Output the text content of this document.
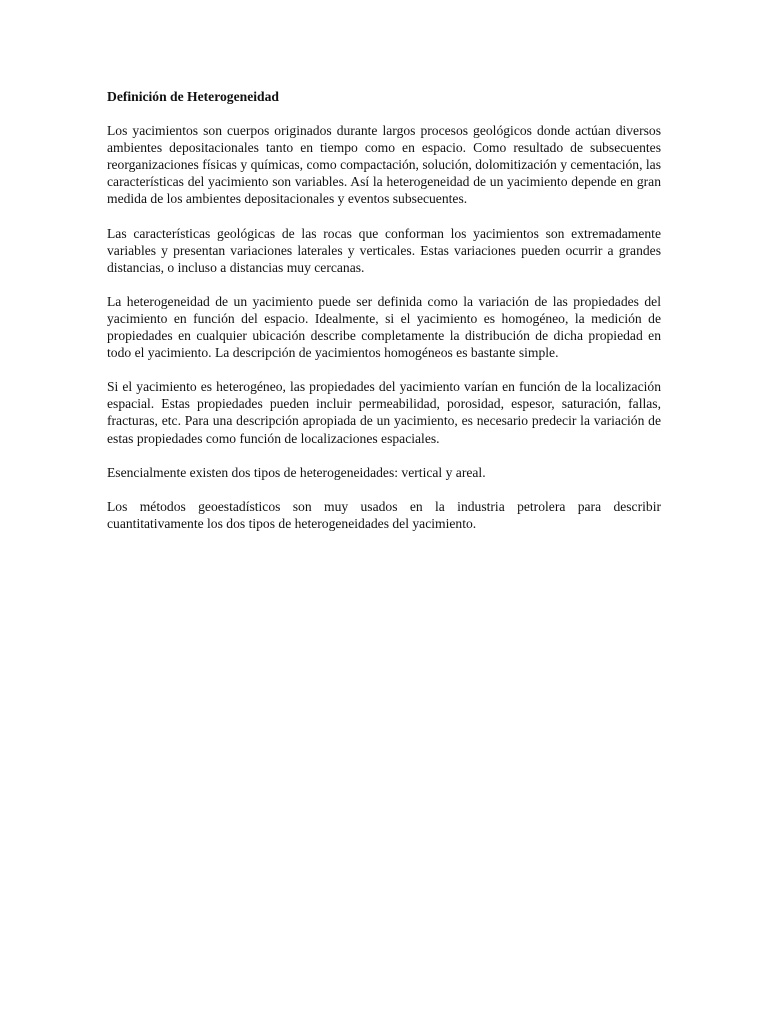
Definición de Heterogeneidad

Los yacimientos son cuerpos originados durante largos procesos geológicos donde actúan diversos ambientes depositacionales tanto en tiempo como en espacio. Como resultado de subsecuentes reorganizaciones físicas y químicas, como compactación, solución, dolomitización y cementación, las características del yacimiento son variables. Así la heterogeneidad de un yacimiento depende en gran medida de los ambientes depositacionales y eventos subsecuentes.

Las características geológicas de las rocas que conforman los yacimientos son extremadamente variables y presentan variaciones laterales y verticales. Estas variaciones pueden ocurrir a grandes distancias, o incluso a distancias muy cercanas.

La heterogeneidad de un yacimiento puede ser definida como la variación de las propiedades del yacimiento en función del espacio. Idealmente, si el yacimiento es homogéneo, la medición de propiedades en cualquier ubicación describe completamente la distribución de dicha propiedad en todo el yacimiento. La descripción de yacimientos homogéneos es bastante simple.

Si el yacimiento es heterogéneo, las propiedades del yacimiento varían en función de la localización espacial. Estas propiedades pueden incluir permeabilidad, porosidad, espesor, saturación, fallas, fracturas, etc. Para una descripción apropiada de un yacimiento, es necesario predecir la variación de estas propiedades como función de localizaciones espaciales.

Esencialmente existen dos tipos de heterogeneidades: vertical y areal.

Los métodos geoestadísticos son muy usados en la industria petrolera para describir cuantitativamente los dos tipos de heterogeneidades del yacimiento.
